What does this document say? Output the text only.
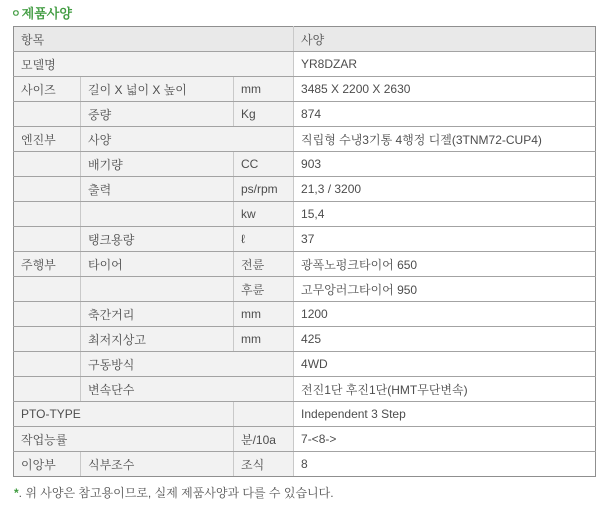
ㅇ 제품사양
항목			사양
모델명			YR8DZAR
사이즈	길이 X 넓이 X 높이	mm	3485 X 2200 X 2630
	중량	Kg	874
엔진부	사양		직립형 수냉3기통 4행정 디젤(3TNM72-CUP4)
	배기량	CC	903
	출력	ps/rpm	21,3 / 3200
		kw	15,4
	탱크용량	ℓ	37
주행부	타이어	전륜	광폭노펑크타이어 650
		후륜	고무앙러그타이어 950
	축간거리	mm	1200
	최저지상고	mm	425
	구동방식		4WD
	변속단수		전진1단 후진1단(HMT무단변속)
PTO-TYPE			Independent 3 Step
작업능률		분/10a	7-<8->
이앙부	식부조수	조식	8
*. 위 사양은 참고용이므로, 실제 제품사양과 다를 수 있습니다.
